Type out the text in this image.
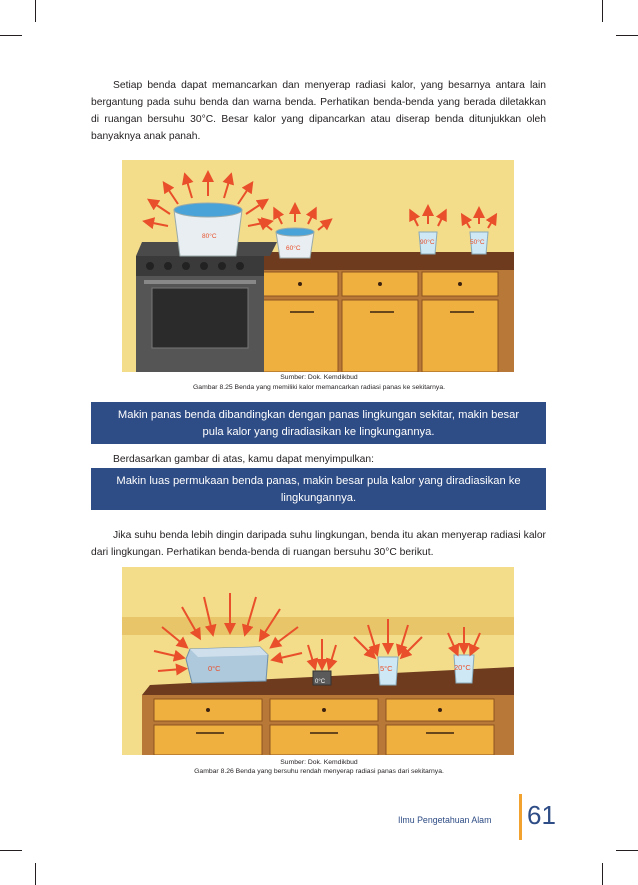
Setiap benda dapat memancarkan dan menyerap radiasi kalor, yang besarnya antara lain bergantung pada suhu benda dan warna benda. Perhatikan benda-benda yang berada diletakkan di ruangan bersuhu 30°C. Besar kalor yang dipancarkan atau diserap benda ditunjukkan oleh banyaknya anak panah.

80°C
60°C
90°C	50°C
Sumber: Dok. Kemdikbud
Gambar 8.25 Benda yang memiliki kalor memancarkan radiasi panas ke sekitarnya.
Makin panas benda dibandingkan dengan panas lingkungan sekitar, makin besar pula kalor yang diradiasikan ke lingkungannya.

Berdasarkan gambar di atas, kamu dapat menyimpulkan:

Makin luas permukaan benda panas, makin besar pula kalor yang diradiasikan ke lingkungannya.

Jika suhu benda lebih dingin daripada suhu lingkungan, benda itu akan menyerap radiasi kalor dari lingkungan. Perhatikan benda-benda di ruangan bersuhu 30°C berikut.

0°C
0°C
5°C	20°C
Sumber: Dok. Kemdikbud
Gambar 8.26 Benda yang bersuhu rendah menyerap radiasi panas dari sekitarnya.
Ilmu Pengetahuan Alam 61
